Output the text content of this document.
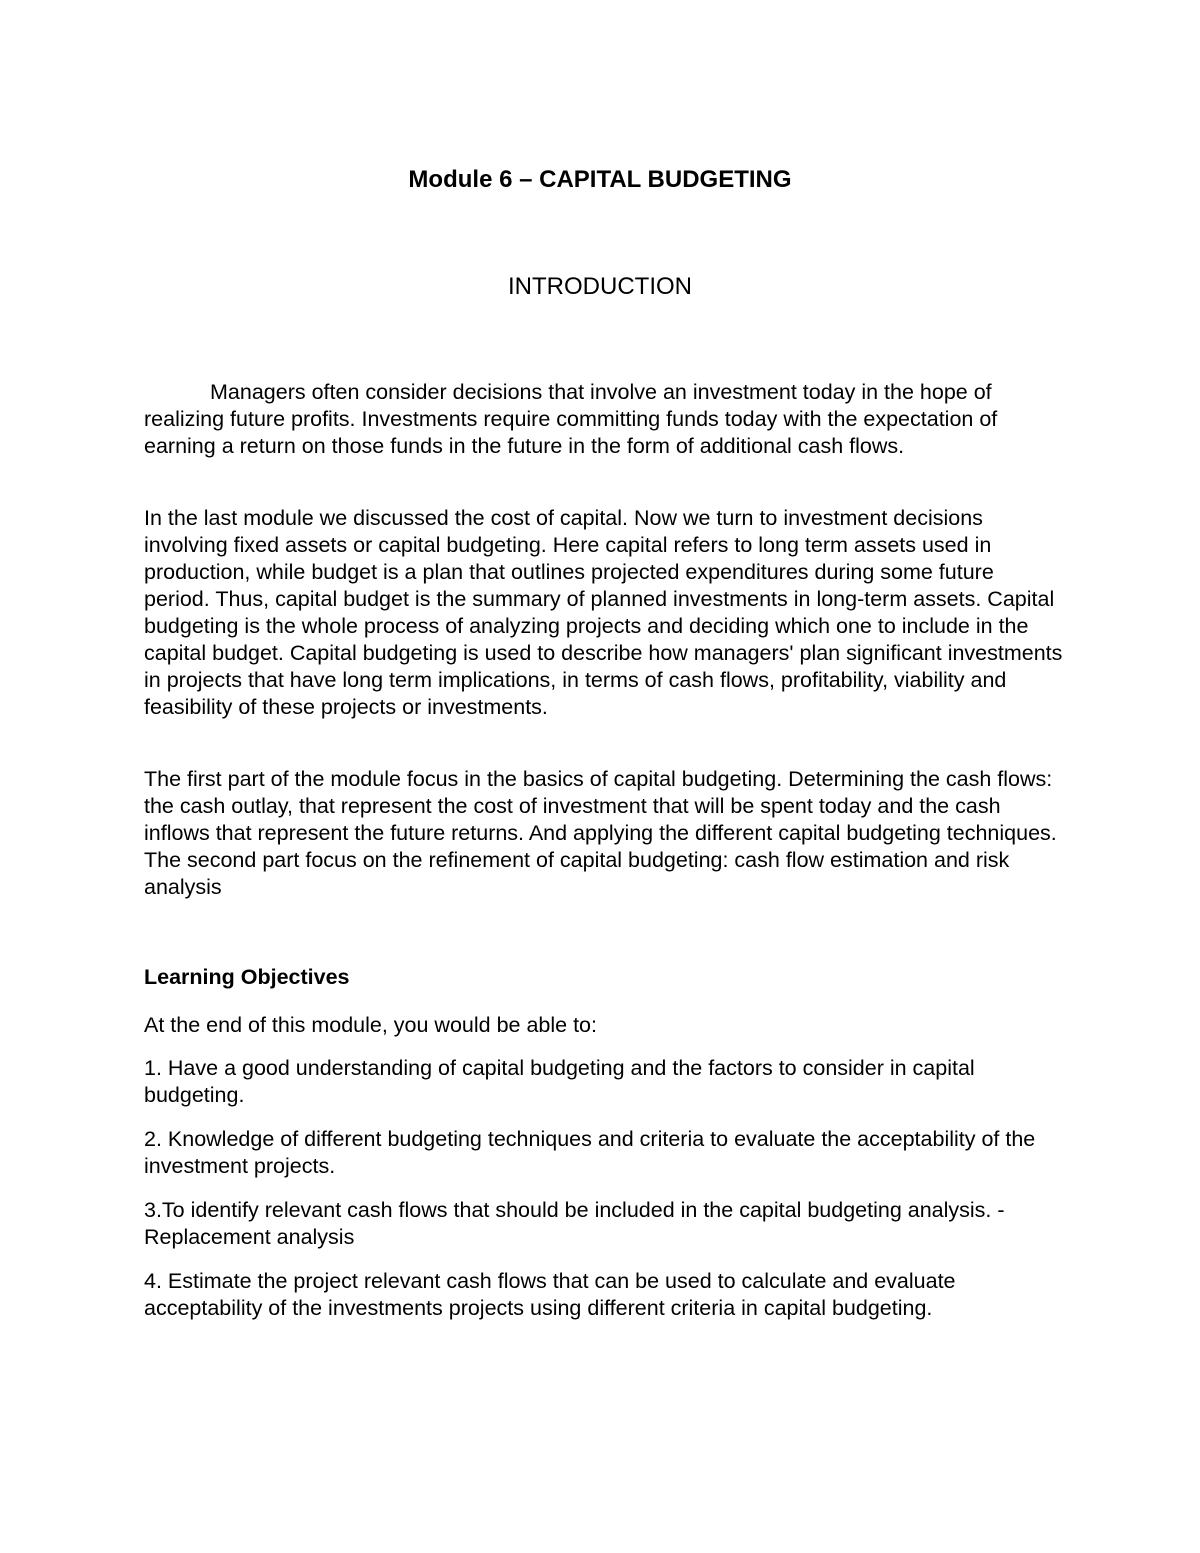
Module 6 – CAPITAL BUDGETING
INTRODUCTION

Managers often consider decisions that involve an investment today in the hope of realizing future profits. Investments require committing funds today with the expectation of earning a return on those funds in the future in the form of additional cash flows.

In the last module we discussed the cost of capital. Now we turn to investment decisions involving fixed assets or capital budgeting. Here capital refers to long term assets used in production, while budget is a plan that outlines projected expenditures during some future period. Thus, capital budget is the summary of planned investments in long-term assets. Capital budgeting is the whole process of analyzing projects and deciding which one to include in the capital budget. Capital budgeting is used to describe how managers' plan significant investments in projects that have long term implications, in terms of cash flows, profitability, viability and feasibility of these projects or investments.

The first part of the module focus in the basics of capital budgeting. Determining the cash flows: the cash outlay, that represent the cost of investment that will be spent today and the cash inflows that represent the future returns. And applying the different capital budgeting techniques. The second part focus on the refinement of capital budgeting: cash flow estimation and risk analysis

Learning Objectives

At the end of this module, you would be able to:

1. Have a good understanding of capital budgeting and the factors to consider in capital budgeting.

2. Knowledge of different budgeting techniques and criteria to evaluate the acceptability of the investment projects.

3.To identify relevant cash flows that should be included in the capital budgeting analysis. - Replacement analysis

4. Estimate the project relevant cash flows that can be used to calculate and evaluate acceptability of the investments projects using different criteria in capital budgeting.
